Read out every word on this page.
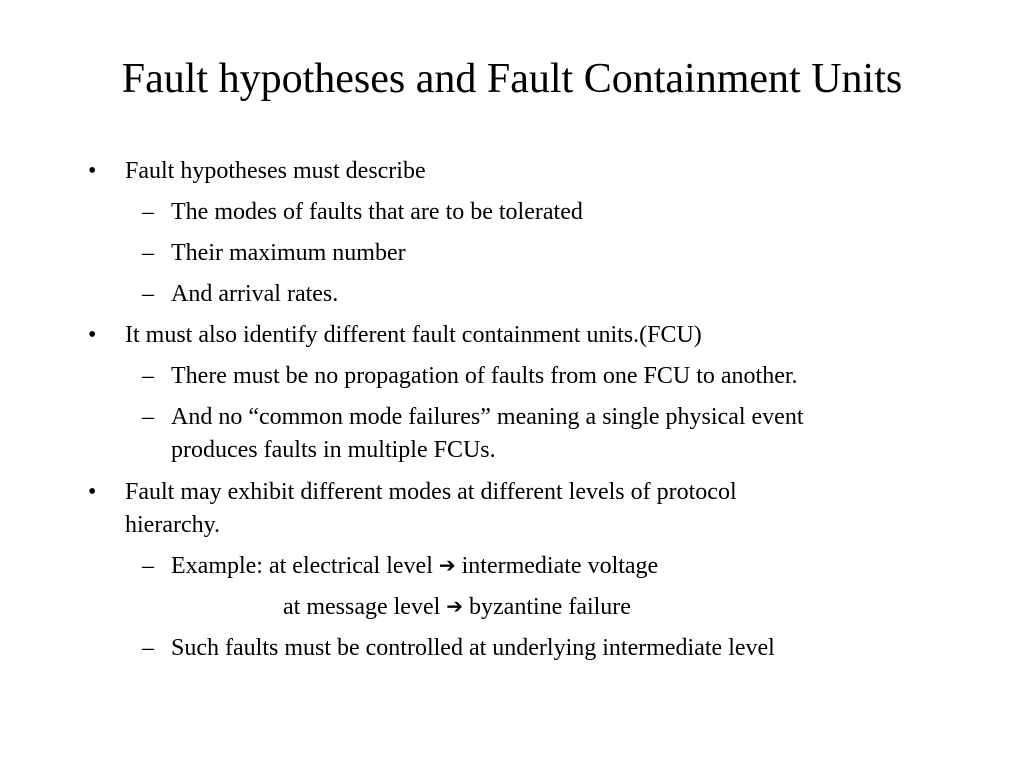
Fault hypotheses and Fault Containment Units
• Fault hypotheses must describe
– The modes of faults that are to be tolerated
– Their maximum number
– And arrival rates.
• It must also identify different fault containment units.(FCU)
– There must be no propagation of faults from one FCU to another.
– And no “common mode failures” meaning a single physical event
produces faults in multiple FCUs.
• Fault may exhibit different modes at different levels of protocol
hierarchy.
– Example: at electrical level ➔ intermediate voltage
at message level ➔ byzantine failure
– Such faults must be controlled at underlying intermediate level
